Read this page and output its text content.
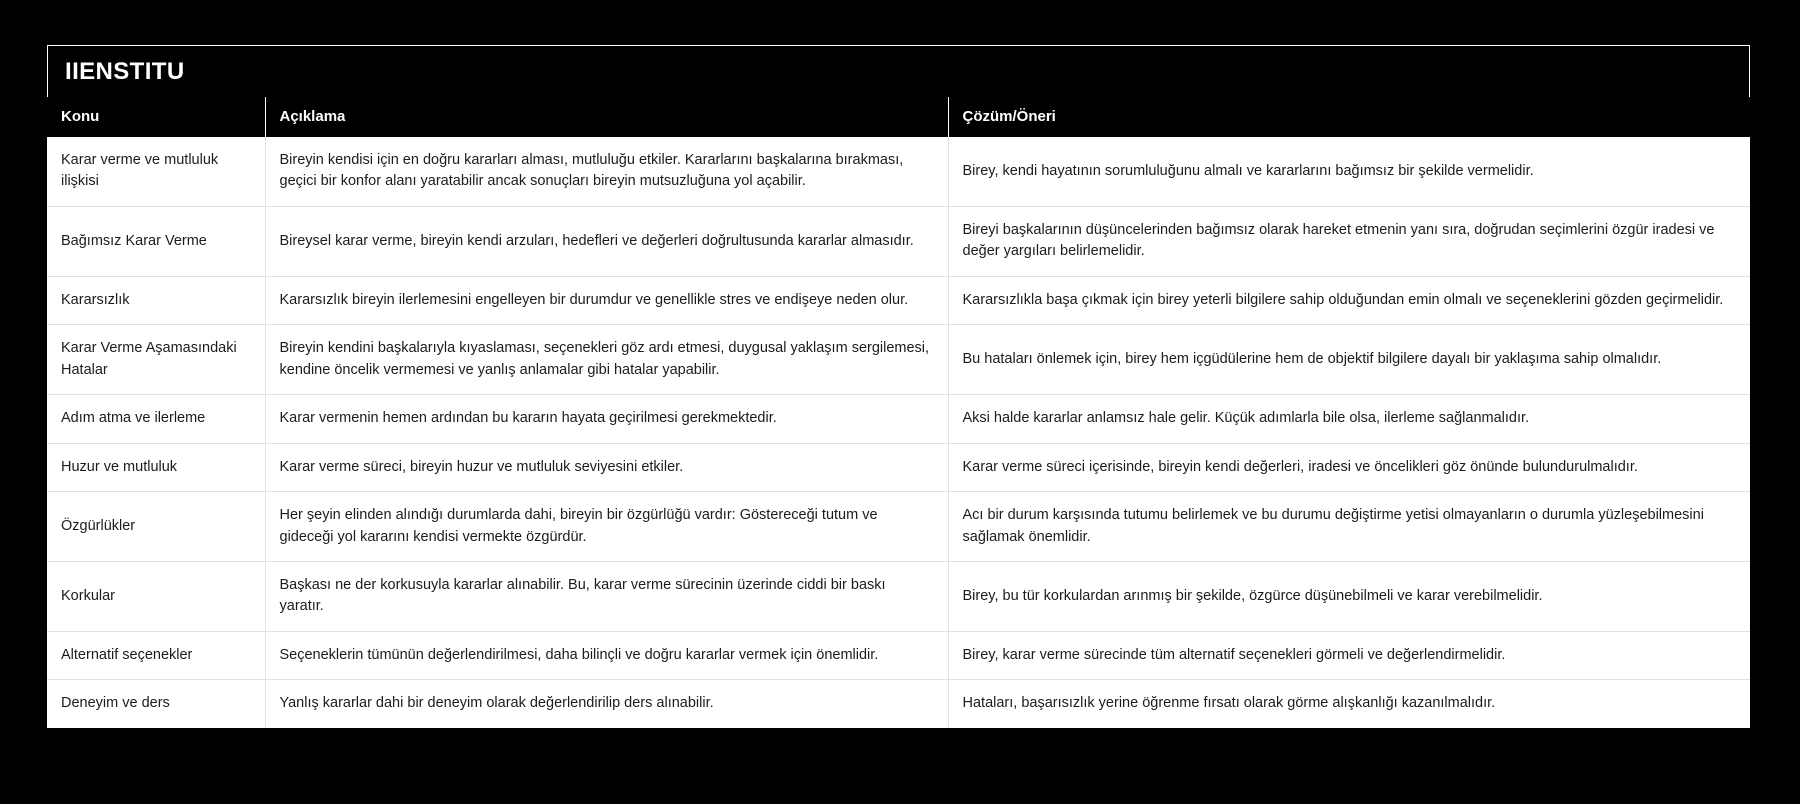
IIENSTITU
Konu	Açıklama	Çözüm/Öneri
Karar verme ve mutluluk ilişkisi	Bireyin kendisi için en doğru kararları alması, mutluluğu etkiler. Kararlarını başkalarına bırakması, geçici bir konfor alanı yaratabilir ancak sonuçları bireyin mutsuzluğuna yol açabilir.	Birey, kendi hayatının sorumluluğunu almalı ve kararlarını bağımsız bir şekilde vermelidir.
Bağımsız Karar Verme	Bireysel karar verme, bireyin kendi arzuları, hedefleri ve değerleri doğrultusunda kararlar almasıdır.	Bireyi başkalarının düşüncelerinden bağımsız olarak hareket etmenin yanı sıra, doğrudan seçimlerini özgür iradesi ve değer yargıları belirlemelidir.
Kararsızlık	Kararsızlık bireyin ilerlemesini engelleyen bir durumdur ve genellikle stres ve endişeye neden olur.	Kararsızlıkla başa çıkmak için birey yeterli bilgilere sahip olduğundan emin olmalı ve seçeneklerini gözden geçirmelidir.
Karar Verme Aşamasındaki Hatalar	Bireyin kendini başkalarıyla kıyaslaması, seçenekleri göz ardı etmesi, duygusal yaklaşım sergilemesi, kendine öncelik vermemesi ve yanlış anlamalar gibi hatalar yapabilir.	Bu hataları önlemek için, birey hem içgüdülerine hem de objektif bilgilere dayalı bir yaklaşıma sahip olmalıdır.
Adım atma ve ilerleme	Karar vermenin hemen ardından bu kararın hayata geçirilmesi gerekmektedir.	Aksi halde kararlar anlamsız hale gelir. Küçük adımlarla bile olsa, ilerleme sağlanmalıdır.
Huzur ve mutluluk	Karar verme süreci, bireyin huzur ve mutluluk seviyesini etkiler.	Karar verme süreci içerisinde, bireyin kendi değerleri, iradesi ve öncelikleri göz önünde bulundurulmalıdır.
Özgürlükler	Her şeyin elinden alındığı durumlarda dahi, bireyin bir özgürlüğü vardır: Göstereceği tutum ve gideceği yol kararını kendisi vermekte özgürdür.	Acı bir durum karşısında tutumu belirlemek ve bu durumu değiştirme yetisi olmayanların o durumla yüzleşebilmesini sağlamak önemlidir.
Korkular	Başkası ne der korkusuyla kararlar alınabilir. Bu, karar verme sürecinin üzerinde ciddi bir baskı yaratır.	Birey, bu tür korkulardan arınmış bir şekilde, özgürce düşünebilmeli ve karar verebilmelidir.
Alternatif seçenekler	Seçeneklerin tümünün değerlendirilmesi, daha bilinçli ve doğru kararlar vermek için önemlidir.	Birey, karar verme sürecinde tüm alternatif seçenekleri görmeli ve değerlendirmelidir.
Deneyim ve ders	Yanlış kararlar dahi bir deneyim olarak değerlendirilip ders alınabilir.	Hataları, başarısızlık yerine öğrenme fırsatı olarak görme alışkanlığı kazanılmalıdır.
